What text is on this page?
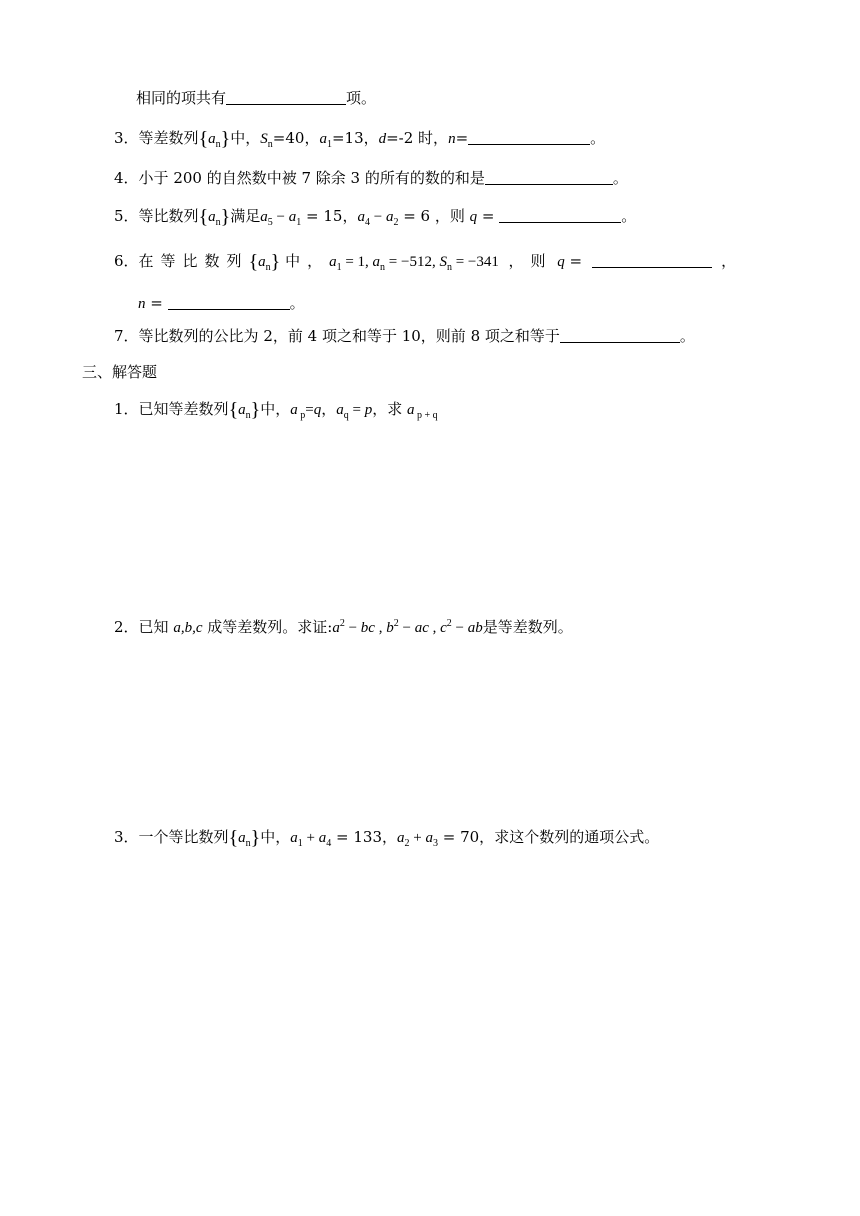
相同的项共有	项。
3．等差数列$\{a_n\}$中，$S_n=40$，$a_1=13$，d=-2 时，n=	。
4．小于 200 的自然数中被 7 除余 3 的所有的数的和是	。
5．等比数列$\{a_n\}$满足$a_5 - a_1 = 15$，$a_4 - a_2 = 6$ ，则 q =	。
6．在等比数列$\{a_n\}$ 中，$a_1 = 1$, $a_n = -512$, $S_n = -341$ ，则 q =	，
n =	。
7．等比数列的公比为 2，前 4 项之和等于 10，则前 8 项之和等于	。
三、解答题
1．已知等差数列$\{a_n\}$中，a $_p$=q，$a_q = p$，求 a $_{p + q}$
2．已知 a,b,c 成等差数列。求证$:a^2$ − bc , $b^2$ − ac , $c^2$ − ab是等差数列。
3．一个等比数列$\{a_n\}$中，$a_1 + a_4 = 133$，$a_2 + a_3 = 70$，求这个数列的通项公式。
